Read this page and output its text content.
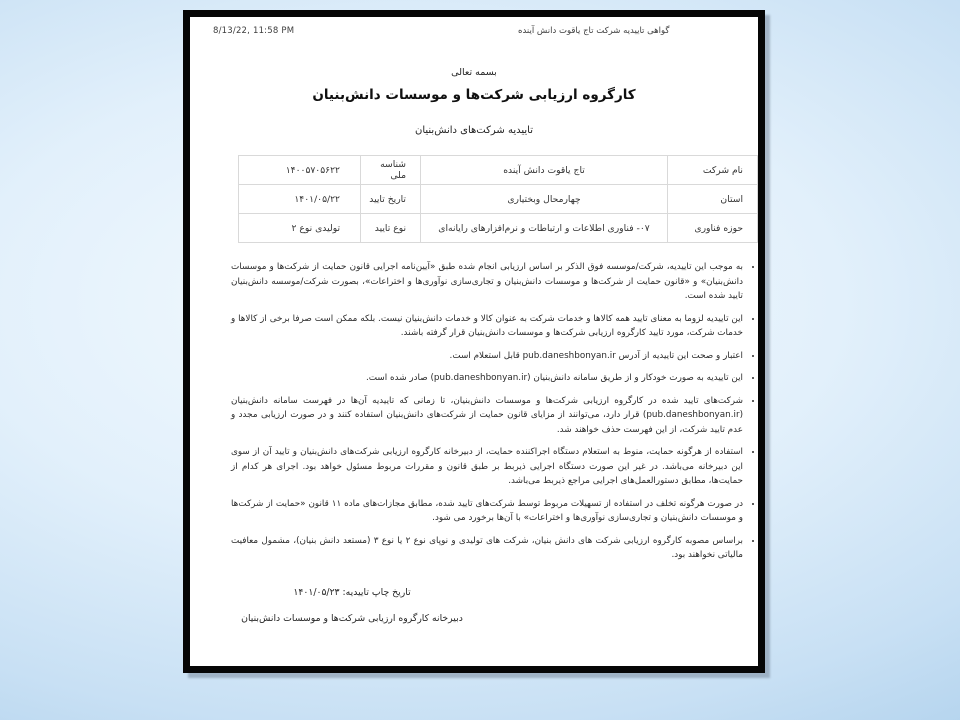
8/13/22, 11:58 PM	گواهی تاییدیه شرکت تاج یاقوت دانش آینده
بسمه تعالی
کارگروه ارزیابی شرکت‌ها و موسسات دانش‌بنیان
تاییدیه شرکت‌های دانش‌بنیان
نام شرکت	تاج یاقوت دانش آینده	شناسه ملی	۱۴۰۰۵۷۰۵۶۲۲
استان	چهارمحال وبختیاری	تاریخ تایید	۱۴۰۱/۰۵/۲۲
حوزه فناوری	۰۷- فناوری اطلاعات و ارتباطات و نرم‌افزارهای رایانه‌ای	نوع تایید	تولیدی نوع ۲
• به موجب این تاییدیه، شرکت/موسسه فوق الذکر بر اساس ارزیابی انجام شده طبق «آیین‌نامه اجرایی قانون حمایت از شرکت‌ها و موسسات دانش‌بنیان» و «قانون حمایت از شرکت‌ها و موسسات دانش‌بنیان و تجاری‌سازی نوآوری‌ها و اختراعات»، بصورت شرکت/موسسه دانش‌بنیان تایید شده است.
• این تاییدیه لزوما به معنای تایید همه کالاها و خدمات شرکت به عنوان کالا و خدمات دانش‌بنیان نیست. بلکه ممکن است صرفا برخی از کالاها و خدمات شرکت، مورد تایید کارگروه ارزیابی شرکت‌ها و موسسات دانش‌بنیان قرار گرفته باشند.
• اعتبار و صحت این تاییدیه از آدرس pub.daneshbonyan.ir قابل استعلام است.
• این تاییدیه به صورت خودکار و از طریق سامانه دانش‌بنیان (pub.daneshbonyan.ir) صادر شده است.
• شرکت‌های تایید شده در کارگروه ارزیابی شرکت‌ها و موسسات دانش‌بنیان، تا زمانی که تاییدیه آن‌ها در فهرست سامانه دانش‌بنیان (pub.daneshbonyan.ir) قرار دارد، می‌توانند از مزایای قانون حمایت از شرکت‌های دانش‌بنیان استفاده کنند و در صورت ارزیابی مجدد و عدم تایید شرکت، از این فهرست حذف خواهند شد.
• استفاده از هرگونه حمایت، منوط به استعلام دستگاه اجراکننده حمایت، از دبیرخانه کارگروه ارزیابی شرکت‌های دانش‌بنیان و تایید آن از سوی این دبیرخانه می‌باشد. در غیر این صورت دستگاه اجرایی ذیربط بر طبق قانون و مقررات مربوط مسئول خواهد بود. اجرای هر کدام از حمایت‌ها، مطابق دستورالعمل‌های اجرایی مراجع ذیربط می‌باشد.
• در صورت هرگونه تخلف در استفاده از تسهیلات مربوط توسط شرکت‌های تایید شده، مطابق مجازات‌های ماده ۱۱ قانون «حمایت از شرکت‌ها و موسسات دانش‌بنیان و تجاری‌سازی نوآوری‌ها و اختراعات» با آن‌ها برخورد می شود.
• براساس مصوبه کارگروه ارزیابی شرکت های دانش بنیان، شرکت های تولیدی و نوپای نوع ۲ یا نوع ۳ (مستعد دانش بنیان)، مشمول معافیت مالیاتی نخواهند بود.
تاریخ چاپ تاییدیه: ۱۴۰۱/۰۵/۲۳
دبیرخانه کارگروه ارزیابی شرکت‌ها و موسسات دانش‌بنیان
